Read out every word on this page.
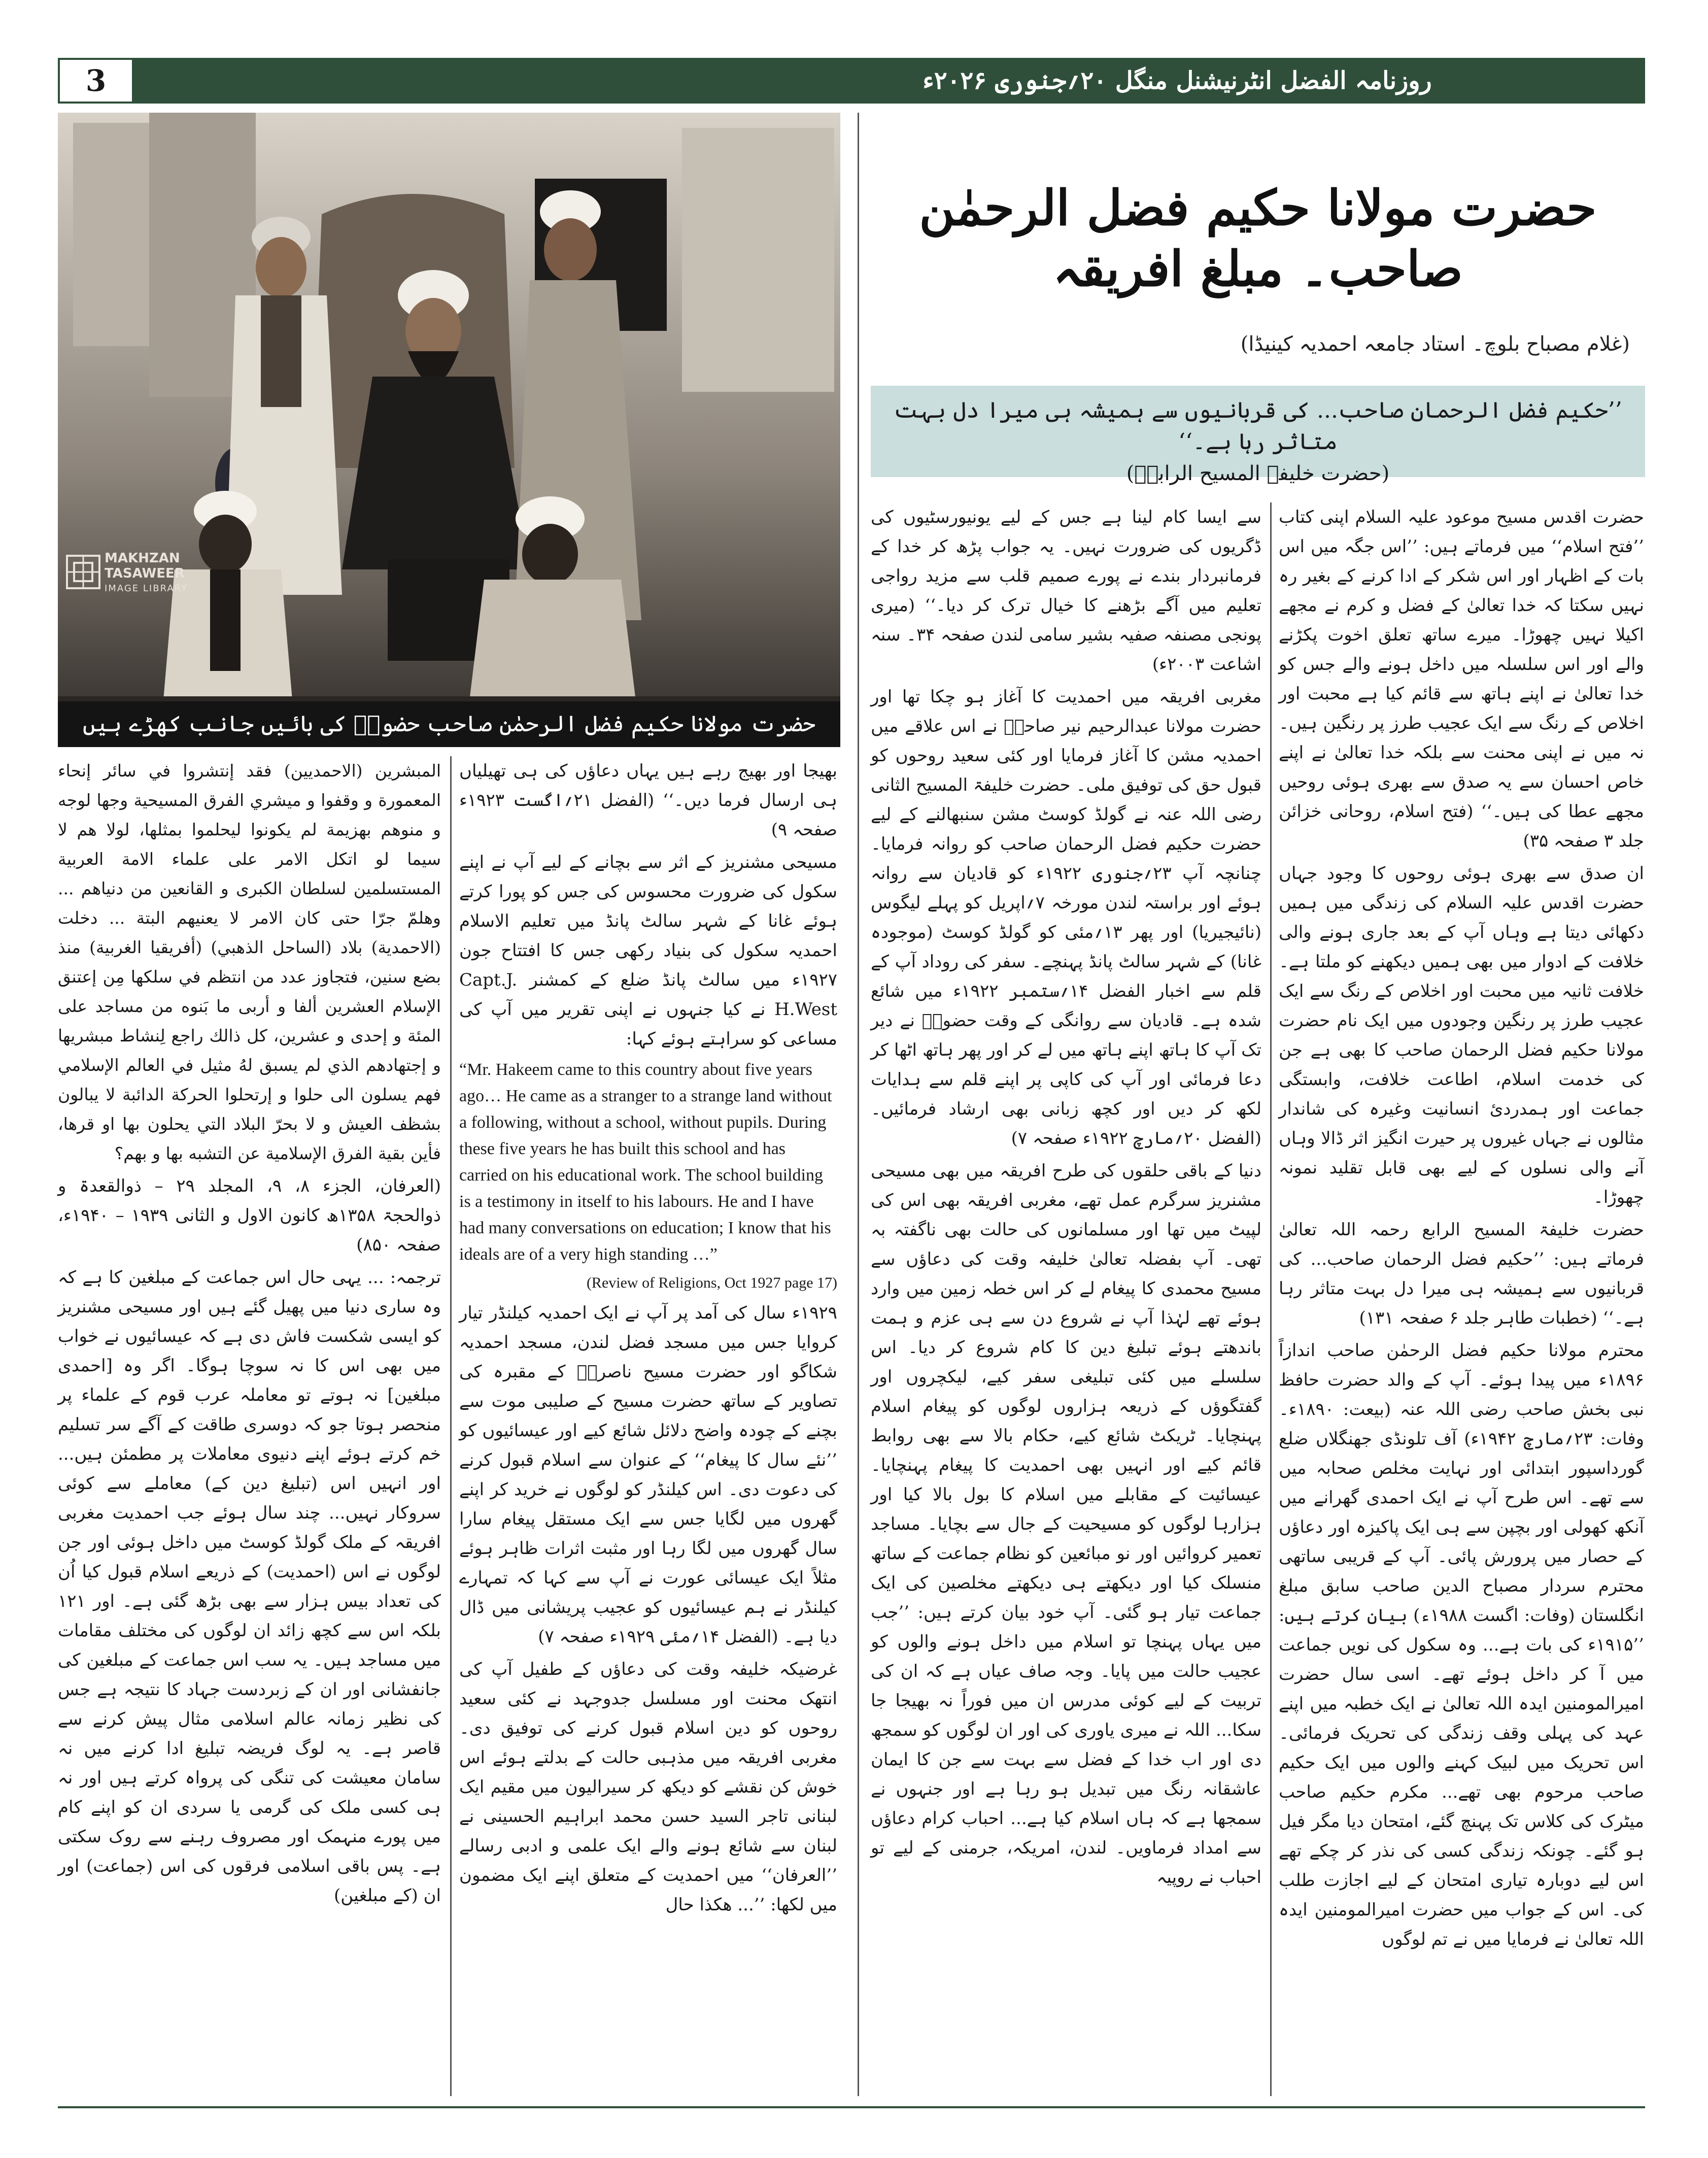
3	روزنامہ الفضل انٹرنیشنل منگل ۲۰؍جنوری ۲۰۲۶ء
MAKHZAN
TASAWEER
IMAGE LIBRARY
حضرت مولانا حکیم فضل الرحمٰن صاحب حضورؓ کی بائیں جانب کھڑے ہیں
حضرت مولانا حکیم فضل الرحمٰن صاحب۔ مبلغ افریقہ
(غلام مصباح بلوچ۔ استاد جامعہ احمدیہ کینیڈا)
’’حکیم فضل الرحمان صاحب... کی قربانیوں سے ہمیشہ ہی میرا دل بہت متاثر رہا ہے۔‘‘
(حضرت خلیفۃ المسیح الرابعؒ)

حضرت اقدس مسیح موعود علیہ السلام اپنی کتاب ’’فتح اسلام‘‘ میں فرماتے ہیں: ’’اس جگہ میں اس بات کے اظہار اور اس شکر کے ادا کرنے کے بغیر رہ نہیں سکتا کہ خدا تعالیٰ کے فضل و کرم نے مجھے اکیلا نہیں چھوڑا۔ میرے ساتھ تعلق اخوت پکڑنے والے اور اس سلسلہ میں داخل ہونے والے جس کو خدا تعالیٰ نے اپنے ہاتھ سے قائم کیا ہے محبت اور اخلاص کے رنگ سے ایک عجیب طرز پر رنگین ہیں۔ نہ میں نے اپنی محنت سے بلکہ خدا تعالیٰ نے اپنے خاص احسان سے یہ صدق سے بھری ہوئی روحیں مجھے عطا کی ہیں۔‘‘ (فتح اسلام، روحانی خزائن جلد ۳ صفحہ ۳۵)

ان صدق سے بھری ہوئی روحوں کا وجود جہاں حضرت اقدس علیہ السلام کی زندگی میں ہمیں دکھائی دیتا ہے وہاں آپ کے بعد جاری ہونے والی خلافت کے ادوار میں بھی ہمیں دیکھنے کو ملتا ہے۔ خلافت ثانیہ میں محبت اور اخلاص کے رنگ سے ایک عجیب طرز پر رنگین وجودوں میں ایک نام حضرت مولانا حکیم فضل الرحمان صاحب کا بھی ہے جن کی خدمت اسلام، اطاعت خلافت، وابستگی جماعت اور ہمدردیٔ انسانیت وغیرہ کی شاندار مثالوں نے جہاں غیروں پر حیرت انگیز اثر ڈالا وہاں آنے والی نسلوں کے لیے بھی قابل تقلید نمونہ چھوڑا۔

حضرت خلیفۃ المسیح الرابع رحمہ اللہ تعالیٰ فرماتے ہیں: ’’حکیم فضل الرحمان صاحب... کی قربانیوں سے ہمیشہ ہی میرا دل بہت متاثر رہا ہے۔‘‘ (خطبات طاہر جلد ۶ صفحہ ۱۳۱)

محترم مولانا حکیم فضل الرحمٰن صاحب اندازاً ۱۸۹۶ء میں پیدا ہوئے۔ آپ کے والد حضرت حافظ نبی بخش صاحب رضی اللہ عنہ (بیعت: ۱۸۹۰ء۔ وفات: ۲۳؍مارچ ۱۹۴۲ء) آف تلونڈی جھنگلاں ضلع گورداسپور ابتدائی اور نہایت مخلص صحابہ میں سے تھے۔ اس طرح آپ نے ایک احمدی گھرانے میں آنکھ کھولی اور بچپن سے ہی ایک پاکیزہ اور دعاؤں کے حصار میں پرورش پائی۔ آپ کے قریبی ساتھی محترم سردار مصباح الدین صاحب سابق مبلغ انگلستان (وفات: اگست ۱۹۸۸ء) بیان کرتے ہیں: ’’۱۹۱۵ء کی بات ہے... وہ سکول کی نویں جماعت میں آ کر داخل ہوئے تھے۔ اسی سال حضرت امیرالمومنین ایدہ اللہ تعالیٰ نے ایک خطبہ میں اپنے عہد کی پہلی وقف زندگی کی تحریک فرمائی۔ اس تحریک میں لبیک کہنے والوں میں ایک حکیم صاحب مرحوم بھی تھے... مکرم حکیم صاحب میٹرک کی کلاس تک پہنچ گئے، امتحان دیا مگر فیل ہو گئے۔ چونکہ زندگی کسی کی نذر کر چکے تھے اس لیے دوبارہ تیاری امتحان کے لیے اجازت طلب کی۔ اس کے جواب میں حضرت امیرالمومنین ایدہ اللہ تعالیٰ نے فرمایا میں نے تم لوگوں

سے ایسا کام لینا ہے جس کے لیے یونیورسٹیوں کی ڈگریوں کی ضرورت نہیں۔ یہ جواب پڑھ کر خدا کے فرمانبردار بندے نے پورے صمیم قلب سے مزید رواجی تعلیم میں آگے بڑھنے کا خیال ترک کر دیا۔‘‘ (میری پونجی مصنفہ صفیہ بشیر سامی لندن صفحہ ۳۴۔ سنہ اشاعت ۲۰۰۳ء)

مغربی افریقہ میں احمدیت کا آغاز ہو چکا تھا اور حضرت مولانا عبدالرحیم نیر صاحبؓ نے اس علاقے میں احمدیہ مشن کا آغاز فرمایا اور کئی سعید روحوں کو قبول حق کی توفیق ملی۔ حضرت خلیفۃ المسیح الثانی رضی اللہ عنہ نے گولڈ کوسٹ مشن سنبھالنے کے لیے حضرت حکیم فضل الرحمان صاحب کو روانہ فرمایا۔ چنانچہ آپ ۲۳؍جنوری ۱۹۲۲ء کو قادیان سے روانہ ہوئے اور براستہ لندن مورخہ ۷؍اپریل کو پہلے لیگوس (نائیجیریا) اور پھر ۱۳؍مئی کو گولڈ کوسٹ (موجودہ غانا) کے شہر سالٹ پانڈ پہنچے۔ سفر کی روداد آپ کے قلم سے اخبار الفضل ۱۴؍ستمبر ۱۹۲۲ء میں شائع شدہ ہے۔ قادیان سے روانگی کے وقت حضورؓ نے دیر تک آپ کا ہاتھ اپنے ہاتھ میں لے کر اور پھر ہاتھ اٹھا کر دعا فرمائی اور آپ کی کاپی پر اپنے قلم سے ہدایات لکھ کر دیں اور کچھ زبانی بھی ارشاد فرمائیں۔ (الفضل ۲۰؍مارچ ۱۹۲۲ء صفحہ ۷)

دنیا کے باقی حلقوں کی طرح افریقہ میں بھی مسیحی مشنریز سرگرم عمل تھے، مغربی افریقہ بھی اس کی لپیٹ میں تھا اور مسلمانوں کی حالت بھی ناگفتہ بہ تھی۔ آپ بفضلہ تعالیٰ خلیفہ وقت کی دعاؤں سے مسیح محمدی کا پیغام لے کر اس خطہ زمین میں وارد ہوئے تھے لہٰذا آپ نے شروع دن سے ہی عزم و ہمت باندھتے ہوئے تبلیغ دین کا کام شروع کر دیا۔ اس سلسلے میں کئی تبلیغی سفر کیے، لیکچروں اور گفتگوؤں کے ذریعہ ہزاروں لوگوں کو پیغام اسلام پہنچایا۔ ٹریکٹ شائع کیے، حکام بالا سے بھی روابط قائم کیے اور انہیں بھی احمدیت کا پیغام پہنچایا۔ عیسائیت کے مقابلے میں اسلام کا بول بالا کیا اور ہزارہا لوگوں کو مسیحیت کے جال سے بچایا۔ مساجد تعمیر کروائیں اور نو مبائعین کو نظام جماعت کے ساتھ منسلک کیا اور دیکھتے ہی دیکھتے مخلصین کی ایک جماعت تیار ہو گئی۔ آپ خود بیان کرتے ہیں: ’’جب میں یہاں پہنچا تو اسلام میں داخل ہونے والوں کو عجیب حالت میں پایا۔ وجہ صاف عیاں ہے کہ ان کی تربیت کے لیے کوئی مدرس ان میں فوراً نہ بھیجا جا سکا... اللہ نے میری یاوری کی اور ان لوگوں کو سمجھ دی اور اب خدا کے فضل سے بہت سے جن کا ایمان عاشقانہ رنگ میں تبدیل ہو رہا ہے اور جنہوں نے سمجھا ہے کہ ہاں اسلام کیا ہے... احباب کرام دعاؤں سے امداد فرماویں۔ لندن، امریکہ، جرمنی کے لیے تو احباب نے روپیہ

بھیجا اور بھیج رہے ہیں یہاں دعاؤں کی ہی تھیلیاں ہی ارسال فرما دیں۔‘‘ (الفضل ۲۱؍اگست ۱۹۲۳ء صفحہ ۹)

مسیحی مشنریز کے اثر سے بچانے کے لیے آپ نے اپنے سکول کی ضرورت محسوس کی جس کو پورا کرتے ہوئے غانا کے شہر سالٹ پانڈ میں تعلیم الاسلام احمدیہ سکول کی بنیاد رکھی جس کا افتتاح جون ۱۹۲۷ء میں سالٹ پانڈ ضلع کے کمشنر Capt.J. H.West نے کیا جنہوں نے اپنی تقریر میں آپ کی مساعی کو سراہتے ہوئے کہا:

“Mr. Hakeem came to this country about five years ago… He came as a stranger to a strange land without a following, without a school, without pupils. During these five years he has built this school and has carried on his educational work. The school building is a testimony in itself to his labours. He and I have had many conversations on education; I know that his ideals are of a very high standing …”

(Review of Religions, Oct 1927 page 17)

۱۹۲۹ء سال کی آمد پر آپ نے ایک احمدیہ کیلنڈر تیار کروایا جس میں مسجد فضل لندن، مسجد احمدیہ شکاگو اور حضرت مسیح ناصریؑ کے مقبرہ کی تصاویر کے ساتھ حضرت مسیح کے صلیبی موت سے بچنے کے چودہ واضح دلائل شائع کیے اور عیسائیوں کو ’’نئے سال کا پیغام‘‘ کے عنوان سے اسلام قبول کرنے کی دعوت دی۔ اس کیلنڈر کو لوگوں نے خرید کر اپنے گھروں میں لگایا جس سے ایک مستقل پیغام سارا سال گھروں میں لگا رہا اور مثبت اثرات ظاہر ہوئے مثلاً ایک عیسائی عورت نے آپ سے کہا کہ تمہارے کیلنڈر نے ہم عیسائیوں کو عجیب پریشانی میں ڈال دیا ہے۔ (الفضل ۱۴؍مئی ۱۹۲۹ء صفحہ ۷)

غرضیکہ خلیفہ وقت کی دعاؤں کے طفیل آپ کی انتھک محنت اور مسلسل جدوجہد نے کئی سعید روحوں کو دین اسلام قبول کرنے کی توفیق دی۔ مغربی افریقہ میں مذہبی حالت کے بدلتے ہوئے اس خوش کن نقشے کو دیکھ کر سیرالیون میں مقیم ایک لبنانی تاجر السید حسن محمد ابراہیم الحسینی نے لبنان سے شائع ہونے والے ایک علمی و ادبی رسالے ’’العرفان‘‘ میں احمدیت کے متعلق اپنے ایک مضمون میں لکھا: ’’... ھکذا حال

المبشرين (الاحمديين) فقد إنتشروا في سائر إنحاء المعمورة و وقفوا و ميشري الفرق المسيحية وجها لوجه و منوهم بهزيمة لم يكونوا ليحلموا بمثلها، لولا هم لا سيما لو اتكل الامر على علماء الامة العربية المستسلمين لسلطان الكبرى و القانعين من دنياهم ... وهلمّ جرّا حتى كان الامر لا يعنيهم البتة ... دخلت (الاحمدية) بلاد (الساحل الذهبي) (أفريقيا الغربية) منذ بضع سنين، فتجاوز عدد من انتظم في سلكها مِن إعتنق الإسلام العشرين ألفا و أربى ما بَنوه من مساجد على المئة و إحدى و عشرين، كل ذالك راجع لِنشاط مبشريها و إجتهادهم الذي لم يسبق لهُ مثيل في العالم الإسلامي فهم يسلون الى حلوا و إرتحلوا الحركة الدائبة لا يبالون بشظف العيش و لا بحرّ البلاد التي يحلون بها او قرها، فأين بقية الفرق الإسلامية عن التشبه بها و بهم؟

(العرفان، الجزء ۸، ۹، المجلد ۲۹ – ذوالقعدۃ و ذوالحجۃ ۱۳۵۸ھ کانون الاول و الثانی ۱۹۳۹ – ۱۹۴۰ء، صفحہ ۸۵۰)

ترجمہ: ... یہی حال اس جماعت کے مبلغین کا ہے کہ وہ ساری دنیا میں پھیل گئے ہیں اور مسیحی مشنریز کو ایسی شکست فاش دی ہے کہ عیسائیوں نے خواب میں بھی اس کا نہ سوچا ہوگا۔ اگر وہ [احمدی مبلغین] نہ ہوتے تو معاملہ عرب قوم کے علماء پر منحصر ہوتا جو کہ دوسری طاقت کے آگے سر تسلیم خم کرتے ہوئے اپنے دنیوی معاملات پر مطمئن ہیں... اور انہیں اس (تبلیغ دین کے) معاملے سے کوئی سروکار نہیں... چند سال ہوئے جب احمدیت مغربی افریقہ کے ملک گولڈ کوسٹ میں داخل ہوئی اور جن لوگوں نے اس (احمدیت) کے ذریعے اسلام قبول کیا اُن کی تعداد بیس ہزار سے بھی بڑھ گئی ہے۔ اور ۱۲۱ بلکہ اس سے کچھ زائد ان لوگوں کی مختلف مقامات میں مساجد ہیں۔ یہ سب اس جماعت کے مبلغین کی جانفشانی اور ان کے زبردست جہاد کا نتیجہ ہے جس کی نظیر زمانہ عالم اسلامی مثال پیش کرنے سے قاصر ہے۔ یہ لوگ فریضہ تبلیغ ادا کرنے میں نہ سامان معیشت کی تنگی کی پرواہ کرتے ہیں اور نہ ہی کسی ملک کی گرمی یا سردی ان کو اپنے کام میں پورے منہمک اور مصروف رہنے سے روک سکتی ہے۔ پس باقی اسلامی فرقوں کی اس (جماعت) اور ان (کے مبلغین)
